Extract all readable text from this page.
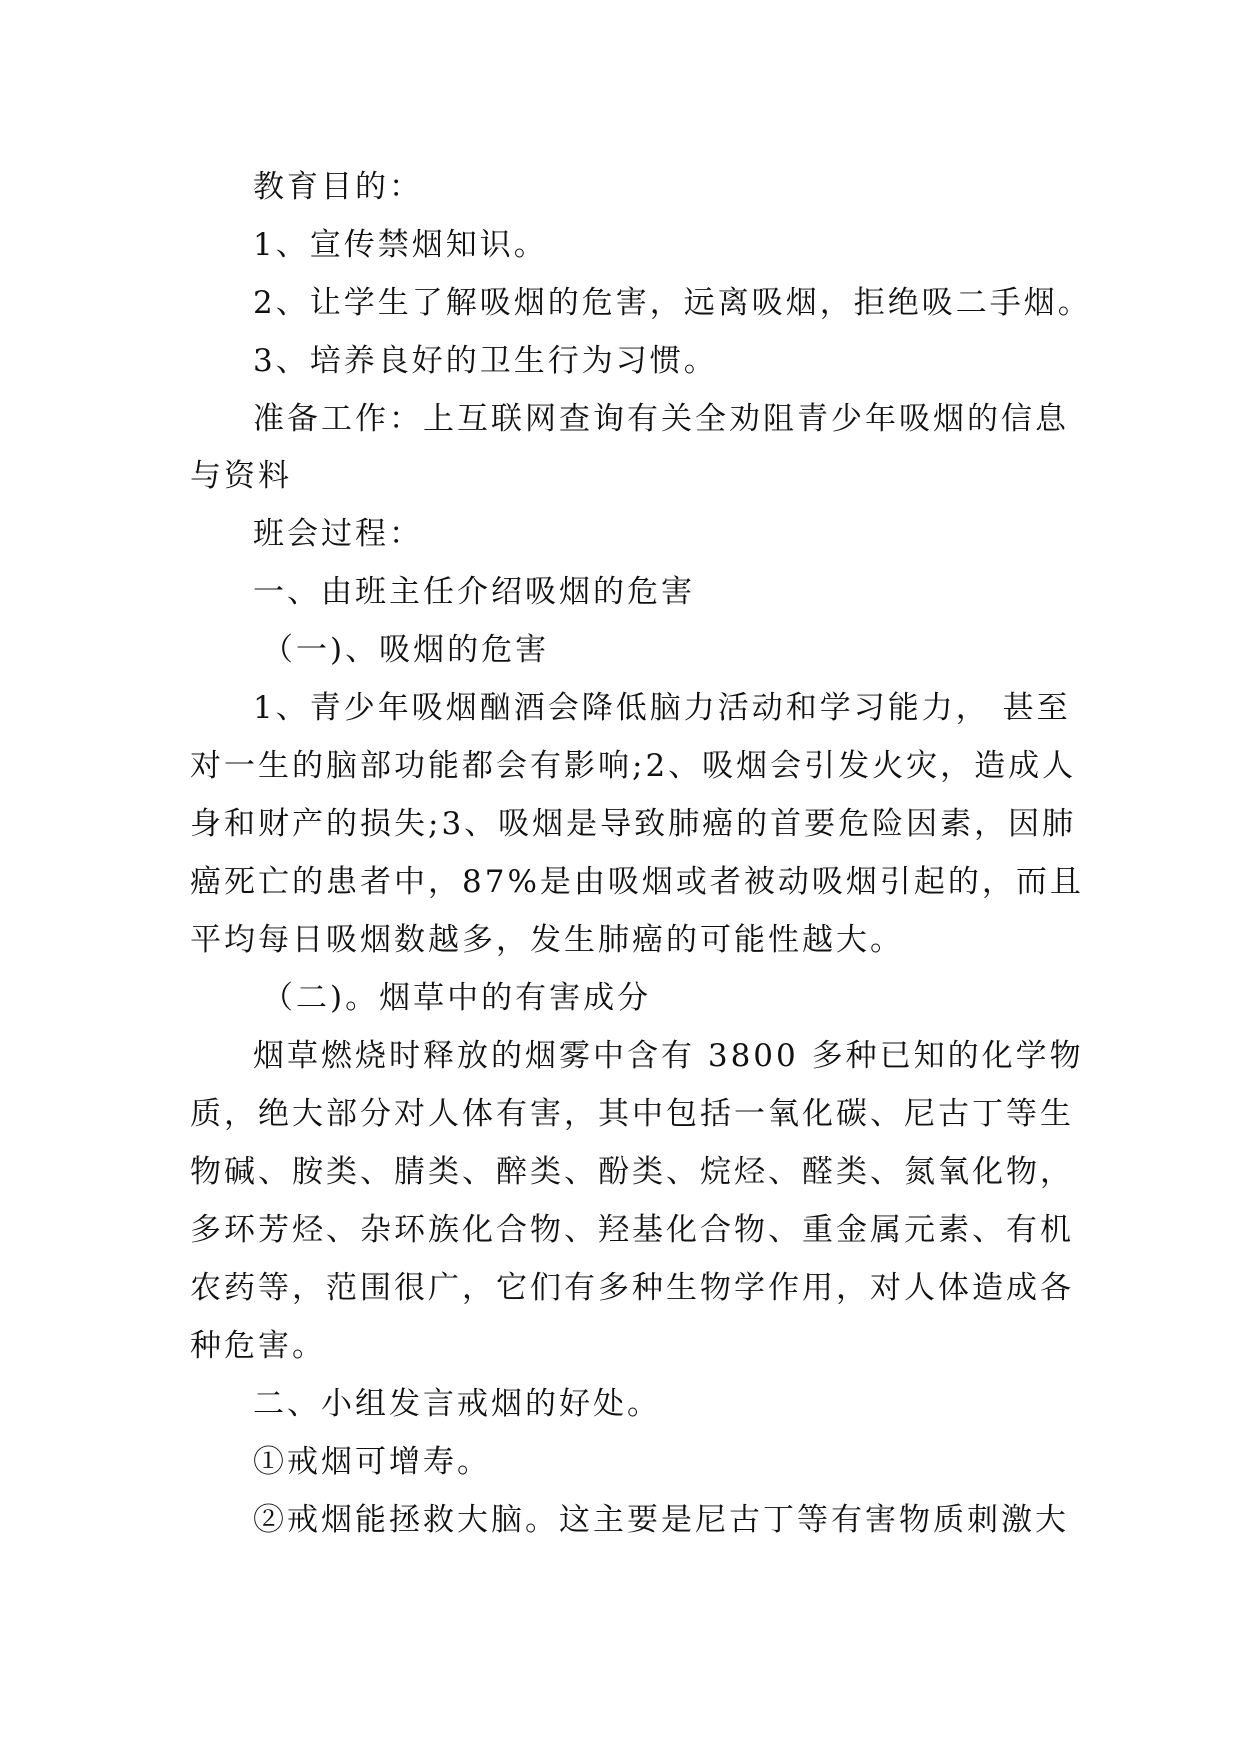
教育目的：
1、宣传禁烟知识。
2、让学生了解吸烟的危害，远离吸烟，拒绝吸二手烟。
3、培养良好的卫生行为习惯。
准备工作：上互联网查询有关全劝阻青少年吸烟的信息
与资料
班会过程：
一、由班主任介绍吸烟的危害
（一)、吸烟的危害
1、青少年吸烟酗酒会降低脑力活动和学习能力， 甚至
对一生的脑部功能都会有影响;2、吸烟会引发火灾，造成人
身和财产的损失;3、吸烟是导致肺癌的首要危险因素，因肺
癌死亡的患者中，87%是由吸烟或者被动吸烟引起的，而且
平均每日吸烟数越多，发生肺癌的可能性越大。
（二)。烟草中的有害成分
烟草燃烧时释放的烟雾中含有 3800 多种已知的化学物
质，绝大部分对人体有害，其中包括一氧化碳、尼古丁等生
物碱、胺类、腈类、醉类、酚类、烷烃、醛类、氮氧化物，
多环芳烃、杂环族化合物、羟基化合物、重金属元素、有机
农药等，范围很广，它们有多种生物学作用，对人体造成各
种危害。
二、小组发言戒烟的好处。
①戒烟可增寿。
②戒烟能拯救大脑。这主要是尼古丁等有害物质刺激大
